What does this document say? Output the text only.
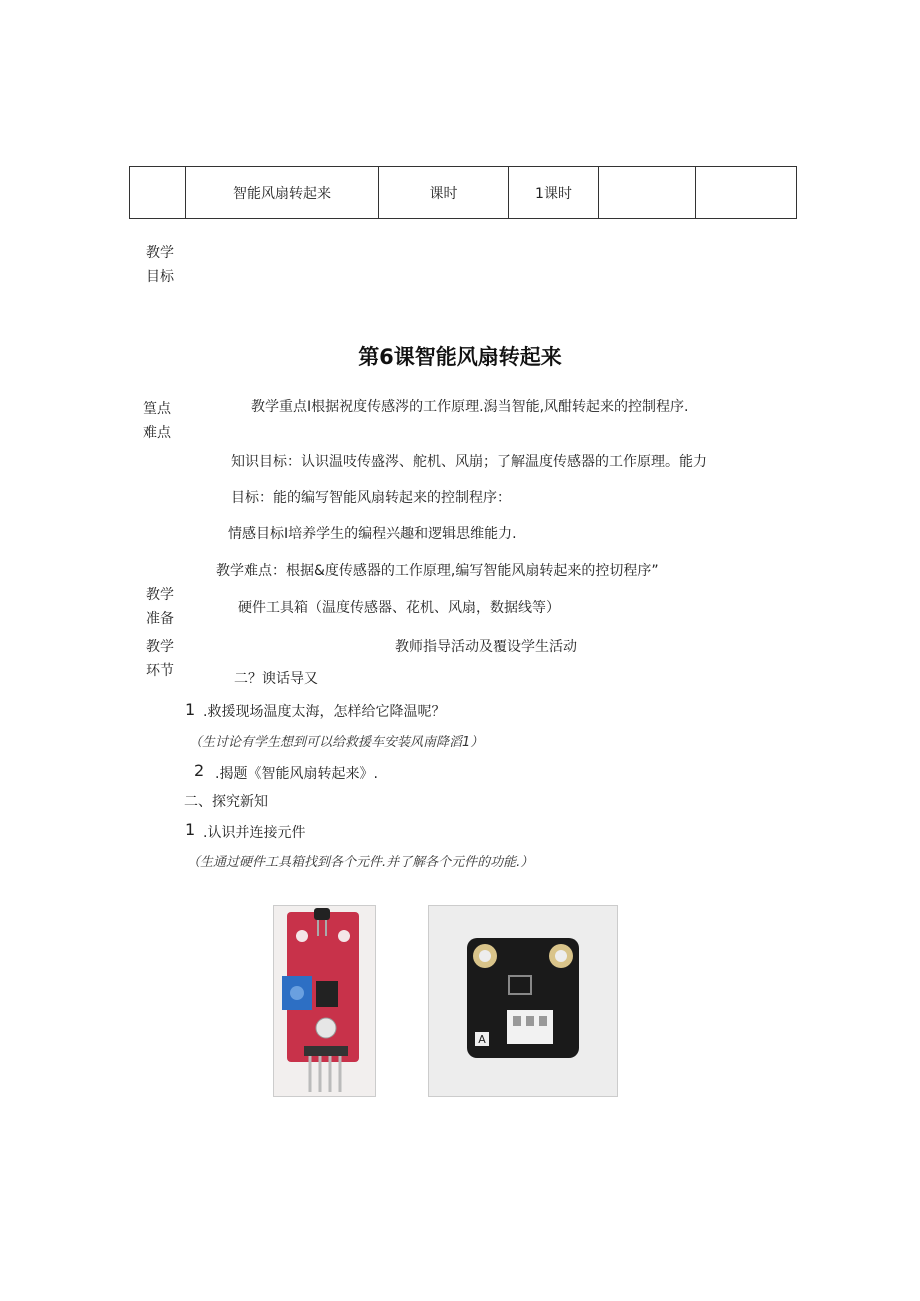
	智能风扇转起来	课时	1课时		
教学
目标
第6课智能风扇转起来
篁点
难点
教学重点I根据祝度传感涔的工作原理.潟当智能,风酣转起来的控制程序.
知识目标：认识温吱传盛涔、舵机、风崩；了解温度传感器的工作原理。能力
目标：能的编写智能风扇转起来的控制程序：
情感目标I培养学生的编程兴趣和逻辑思维能力.
教学难点：根据&度传感器的工作原理,编写智能风扇转起来的控切程序”
教学
准备
硬件工具箱（温度传感器、花机、风扇，数据线等）
教学
环节
教师指导活动及覆设学生活动
二？谀话导又
1 .救援现场温度太海，怎样给它降温呢？
（生讨论有学生想到可以给救援车安装风南降滔1）
2 .揭题《智能风扇转起来》.
二、探究新知
1 .认识并连接元件
（生通过硬件工具箱找到各个元件.并了解各个元件的功能.）
A
